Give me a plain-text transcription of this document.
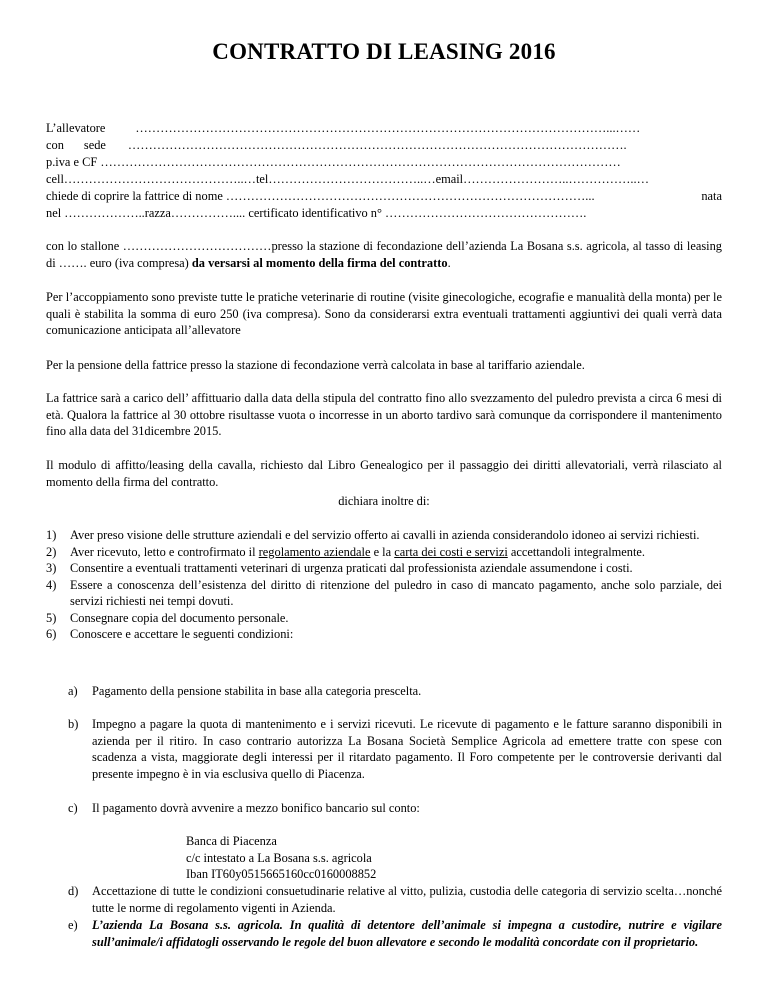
CONTRATTO DI LEASING 2016
L’allevatore ……………………………………………………………………………………………………...……
con sede ………………………………………………………………………………………………………….
p.iva e CF ………………………………………………………………………………………………………………
cell……………………………………..…tel………………………………..…email……………………..……………..…
chiede di coprire la fattrice di nome ……………………………………………………………………………...	nata
nel ………………..razza…………….... certificato identificativo n° ………………………………………….

con lo stallone ………………………………presso la stazione di fecondazione dell’azienda La Bosana s.s. agricola, al tasso di leasing di ……. euro (iva compresa) da versarsi al momento della firma del contratto.

Per l’accoppiamento sono previste tutte le pratiche veterinarie di routine (visite ginecologiche, ecografie e manualità della monta) per le quali è stabilita la somma di euro 250 (iva compresa). Sono da considerarsi extra eventuali trattamenti aggiuntivi dei quali verrà data comunicazione anticipata all’allevatore

Per la pensione della fattrice presso la stazione di fecondazione verrà calcolata in base al tariffario aziendale.

La fattrice sarà a carico dell’ affittuario dalla data della stipula del contratto fino allo svezzamento del puledro prevista a circa 6 mesi di età. Qualora la fattrice al 30 ottobre risultasse vuota o incorresse in un aborto tardivo sarà comunque da corrispondere il mantenimento fino alla data del 31dicembre 2015.

Il modulo di affitto/leasing della cavalla, richiesto dal Libro Genealogico per il passaggio dei diritti allevatoriali, verrà rilasciato al momento della firma del contratto.

dichiara inoltre di:

1) Aver preso visione delle strutture aziendali e del servizio offerto ai cavalli in azienda considerandolo idoneo ai servizi richiesti.
2) Aver ricevuto, letto e controfirmato il regolamento aziendale e la carta dei costi e servizi accettandoli integralmente.
3) Consentire a eventuali trattamenti veterinari di urgenza praticati dal professionista aziendale assumendone i costi.
4) Essere a conoscenza dell’esistenza del diritto di ritenzione del puledro in caso di mancato pagamento, anche solo parziale, dei servizi richiesti nei tempi dovuti.
5) Consegnare copia del documento personale.
6) Conoscere e accettare le seguenti condizioni:
a) Pagamento della pensione stabilita in base alla categoria prescelta.
b) Impegno a pagare la quota di mantenimento e i servizi ricevuti. Le ricevute di pagamento e le fatture saranno disponibili in azienda per il ritiro. In caso contrario autorizza La Bosana Società Semplice Agricola ad emettere tratte con spese con scadenza a vista, maggiorate degli interessi per il ritardato pagamento. Il Foro competente per le controversie derivanti dal presente impegno è in via esclusiva quello di Piacenza.
c) Il pagamento dovrà avvenire a mezzo bonifico bancario sul conto:
Banca di Piacenza
c/c intestato a La Bosana s.s. agricola
Iban IT60y0515665160cc0160008852
d) Accettazione di tutte le condizioni consuetudinarie relative al vitto, pulizia, custodia delle categoria di servizio scelta…nonché tutte le norme di regolamento vigenti in Azienda.
e) L’azienda La Bosana s.s. agricola. In qualità di detentore dell’animale si impegna a custodire, nutrire e vigilare sull’animale/i affidatogli osservando le regole del buon allevatore e secondo le modalità concordate con il proprietario.
